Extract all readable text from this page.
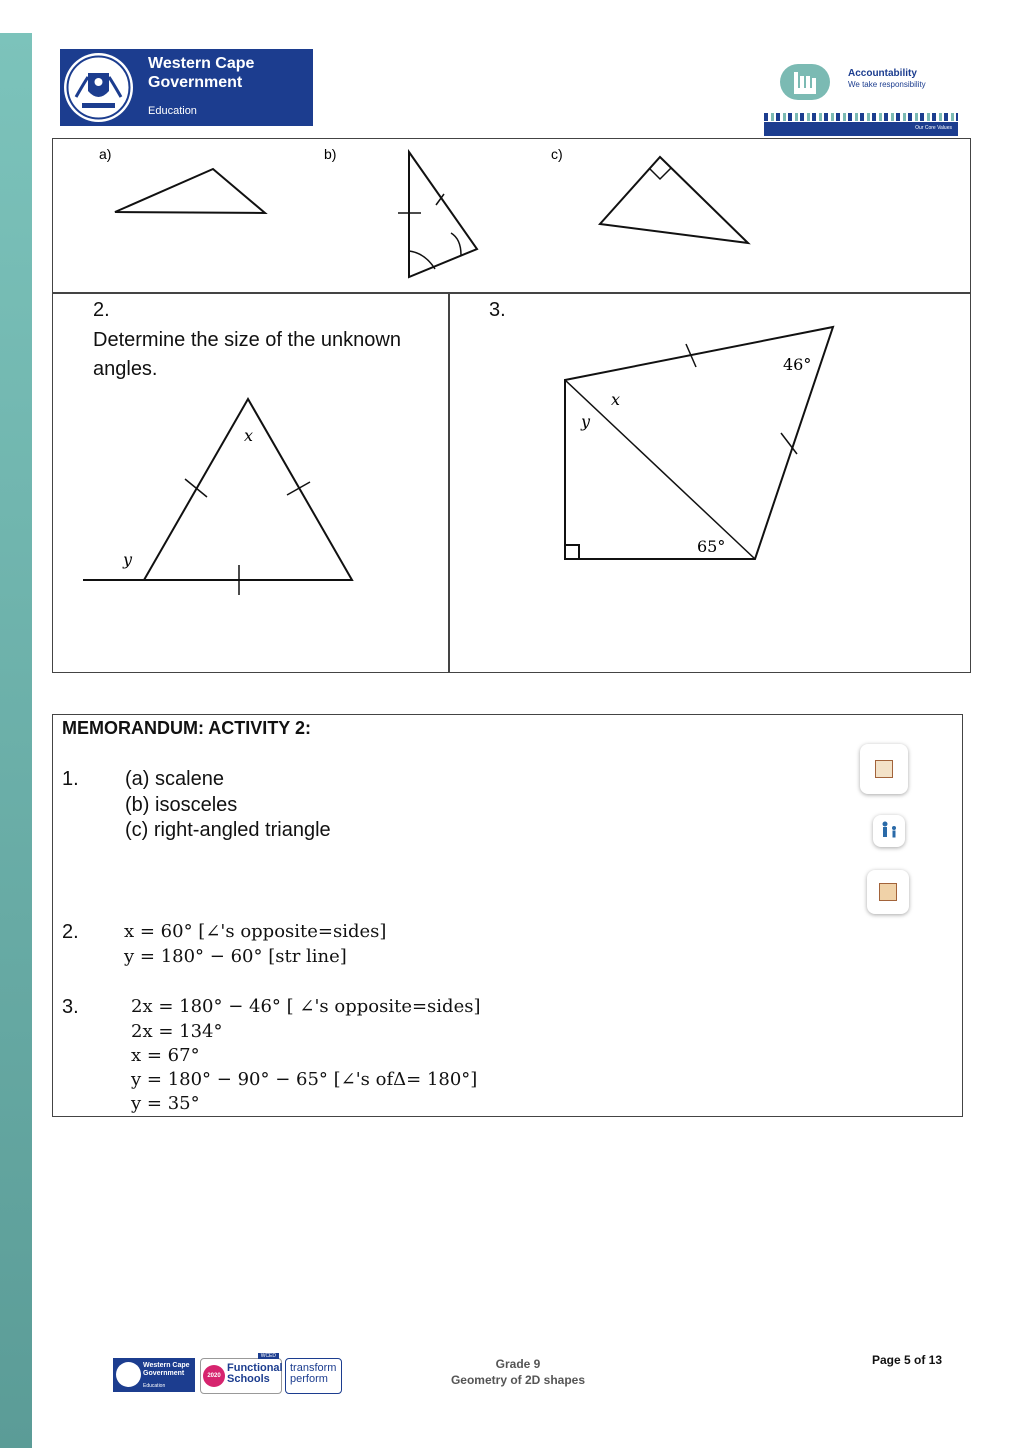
Western Cape Government
Education
Accountability
We take responsibility
Our Core Values
a)	b)	c)
2.
Determine the size of the unknown angles.
x
y
3.
46°
x
y
65°
MEMORANDUM: ACTIVITY 2:
1. (a) scalene
(b) isosceles
(c) right-angled triangle
2.	x = 60° [∠'s opposite=sides]
y = 180° − 60° [str line]
3.	2x = 180° − 46° [ ∠'s opposite=sides]
2x = 134°
x = 67°
y = 180° − 90° − 65° [∠'s ofΔ= 180°]
y = 35°
Western Cape Government
Education
WCED
2020
Functional Schools
transform perform
Grade 9
Geometry of 2D shapes
Page 5 of 13
